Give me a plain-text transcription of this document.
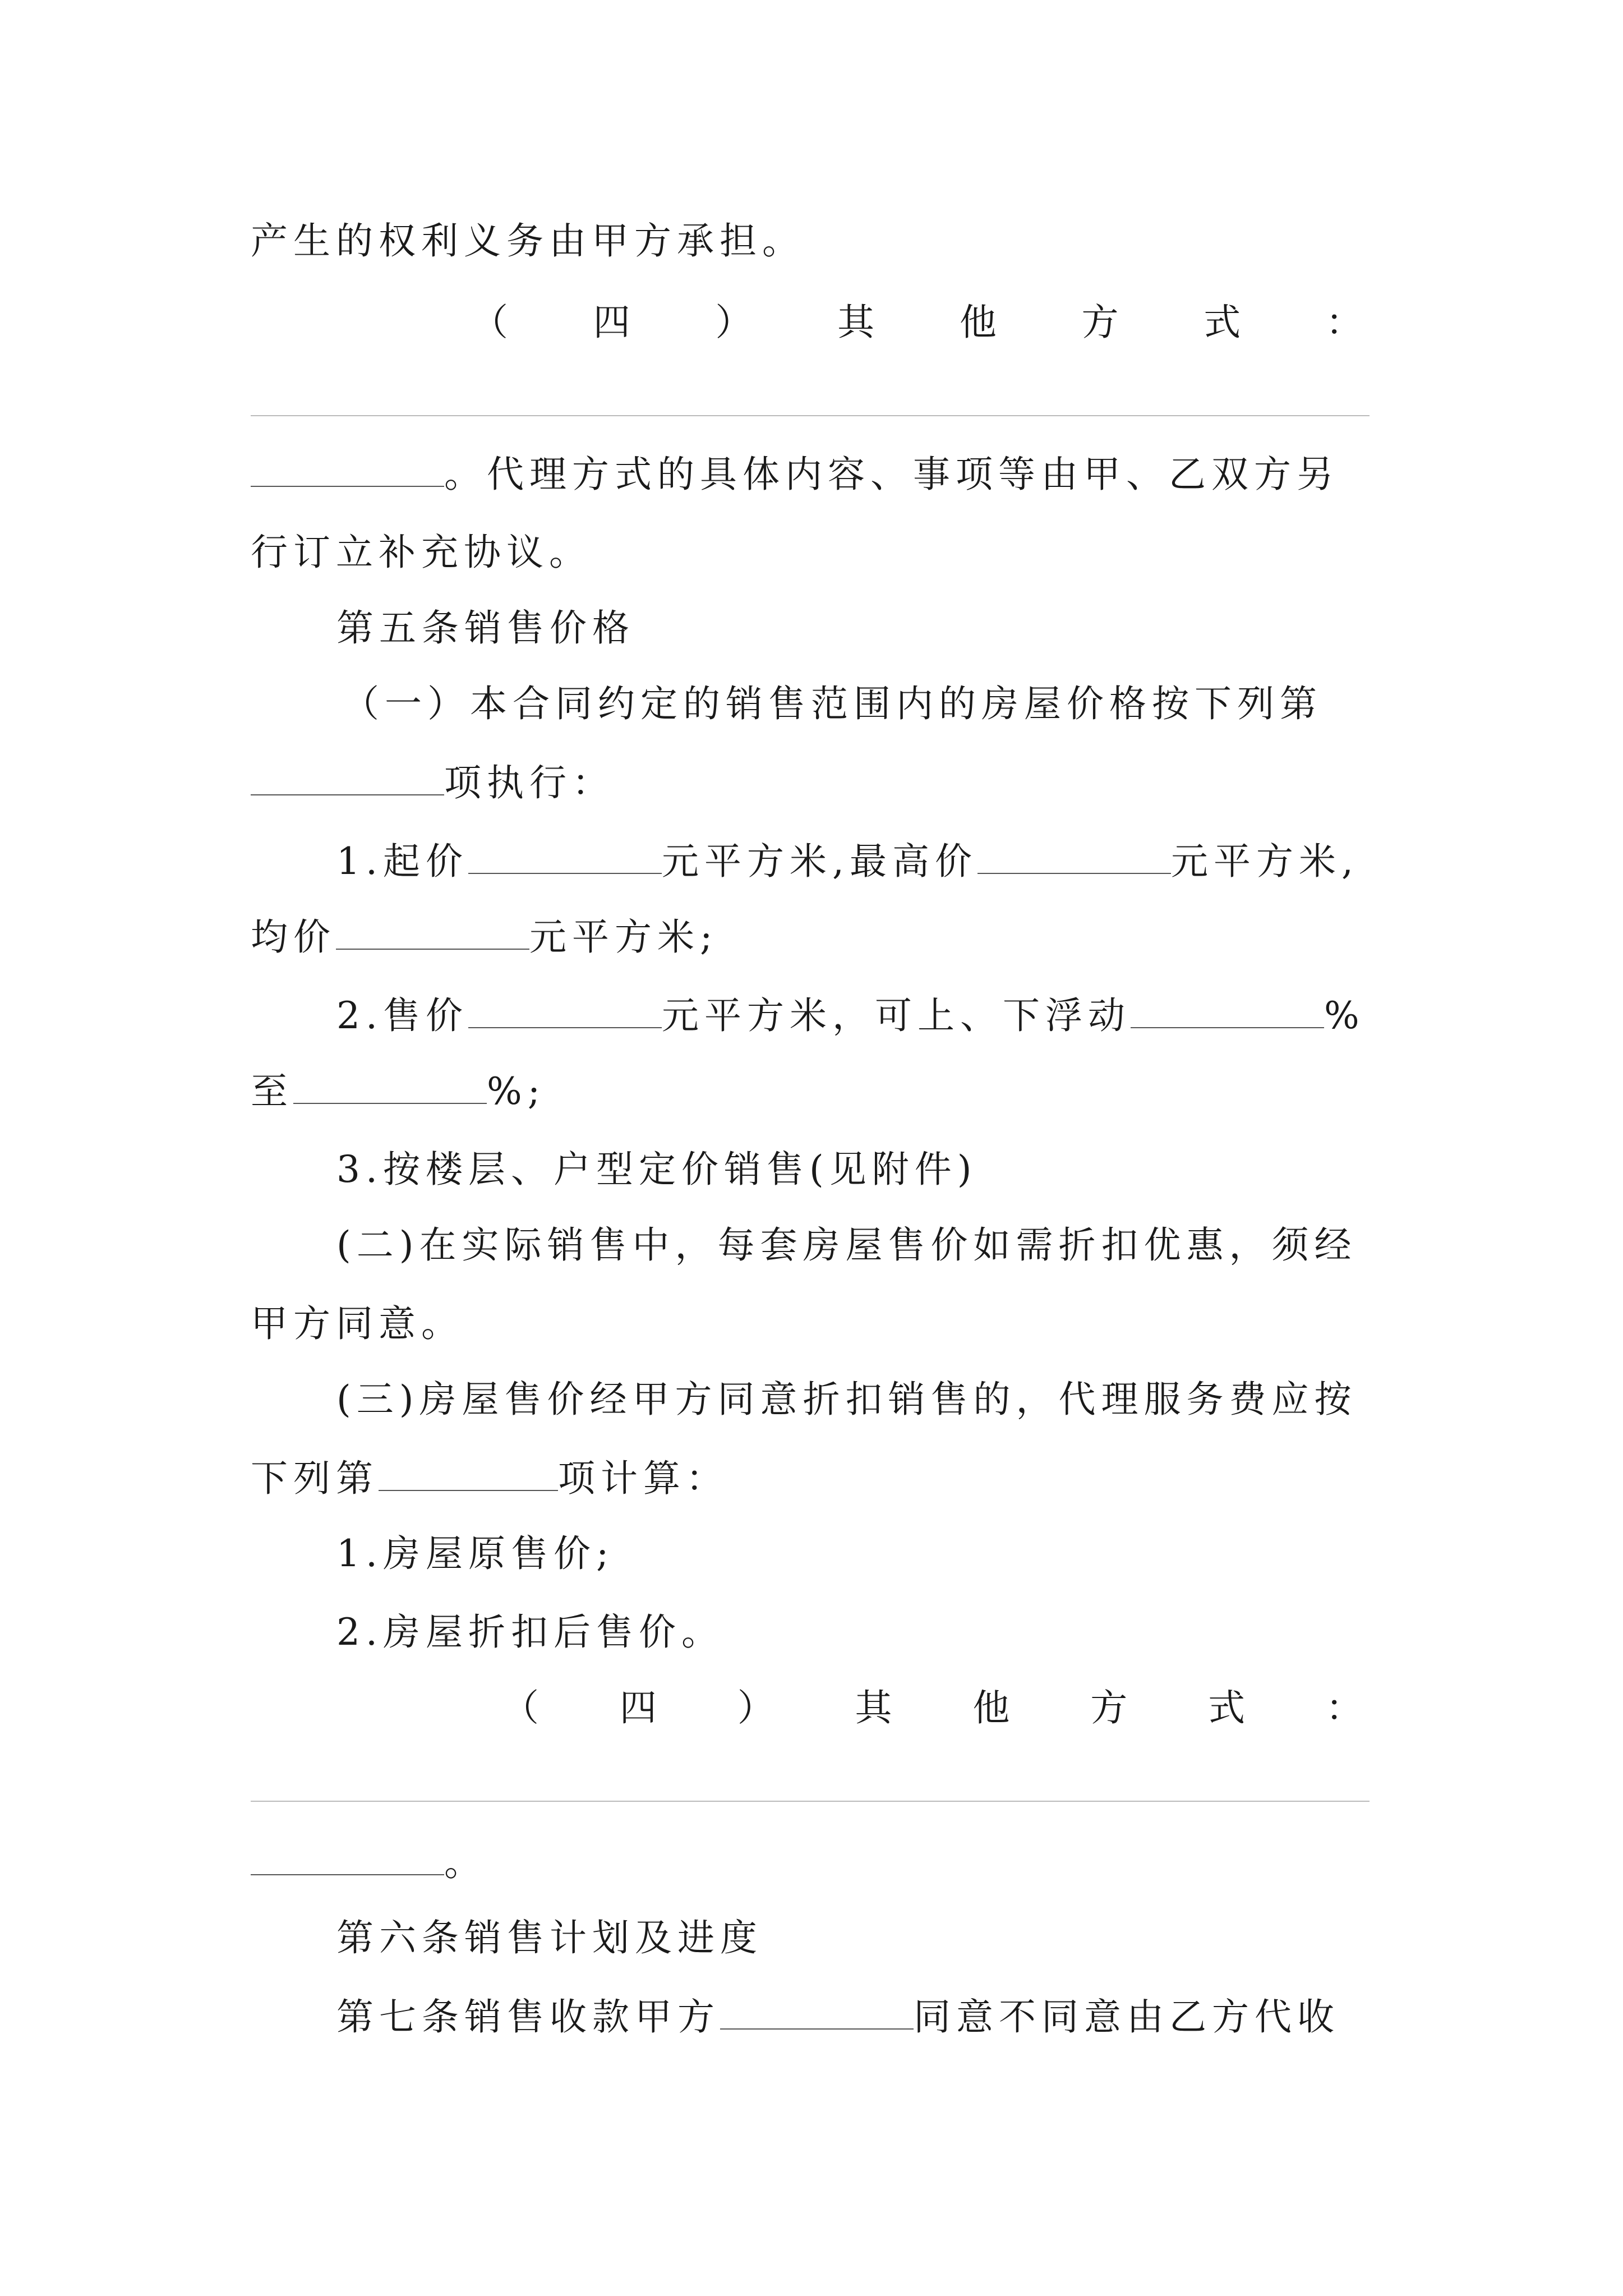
产生的权利义务由甲方承担。
（ 四 ） 其 他 方 式 ：
。代理方式的具体内容、事项等由甲、乙双方另
行订立补充协议。
第五条销售价格
（一）本合同约定的销售范围内的房屋价格按下列第
项执行：
1.起价	元平方米,最高价	元平方米,
均价	元平方米;
2.售价	元平方米，可上、下浮动	%
至	%;
3.按楼层、户型定价销售(见附件)
(二)在实际销售中，每套房屋售价如需折扣优惠，须经
甲方同意。
(三)房屋售价经甲方同意折扣销售的，代理服务费应按
下列第	项计算：
1.房屋原售价;
2.房屋折扣后售价。
（ 四 ） 其 他 方 式 ：
。
第六条销售计划及进度
第七条销售收款甲方	同意不同意由乙方代收
